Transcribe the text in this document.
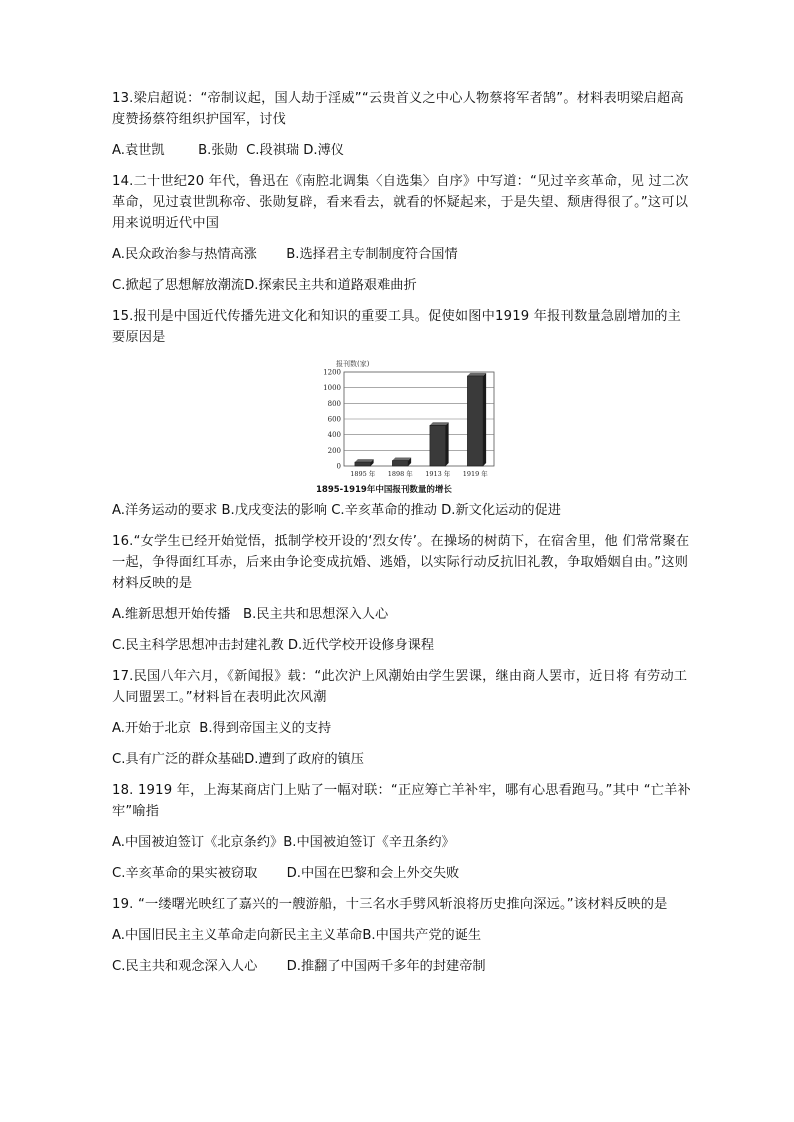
13.梁启超说：“帝制议起，国人劫于淫威”“云贵首义之中心人物蔡将军者鹄”。材料表明梁启超高度赞扬蔡符组织护国军，讨伐

A.袁世凯        B.张勋  C.段祺瑞 D.溥仪

14.二十世纪20 年代，鲁迅在《南腔北调集〈自选集〉自序》中写道：“见过辛亥革命，见 过二次革命，见过袁世凯称帝、张勋复辟，看来看去，就看的怀疑起来，于是失望、颓唐得很了。”这可以用来说明近代中国

A.民众政治参与热情高涨       B.选择君主专制制度符合国情

C.掀起了思想解放潮流D.探索民主共和道路艰难曲折

15.报刊是中国近代传播先进文化和知识的重要工具。促使如图中1919 年报刊数量急剧增加的主要原因是

报刊数(家)
0
200
400
600
800
1000
1200
1895 年 1898 年 1913 年 1919 年
1895-1919年中国报刊数量的增长

A.洋务运动的要求 B.戊戌变法的影响 C.辛亥革命的推动 D.新文化运动的促进

16.“女学生已经开始觉悟，抵制学校开设的‘烈女传’。在操场的树荫下，在宿舍里，他 们常常聚在一起，争得面红耳赤，后来由争论变成抗婚、逃婚，以实际行动反抗旧礼教，争取婚姻自由。”这则材料反映的是

A.维新思想开始传播   B.民主共和思想深入人心

C.民主科学思想冲击封建礼教 D.近代学校开设修身课程

17.民国八年六月，《新闻报》载：“此次沪上风潮始由学生罢课，继由商人罢市，近日将 有劳动工人同盟罢工。”材料旨在表明此次风潮

A.开始于北京  B.得到帝国主义的支持

C.具有广泛的群众基础D.遭到了政府的镇压

18. 1919 年，上海某商店门上贴了一幅对联：“正应筹亡羊补牢，哪有心思看跑马。”其中 “亡羊补牢”喻指

A.中国被迫签订《北京条约》B.中国被迫签订《辛丑条约》

C.辛亥革命的果实被窃取       D.中国在巴黎和会上外交失败

19. “一缕曙光映红了嘉兴的一艘游船，十三名水手劈风斩浪将历史推向深远。”该材料反映的是

A.中国旧民主主义革命走向新民主主义革命B.中国共产党的诞生

C.民主共和观念深入人心       D.推翻了中国两千多年的封建帝制
